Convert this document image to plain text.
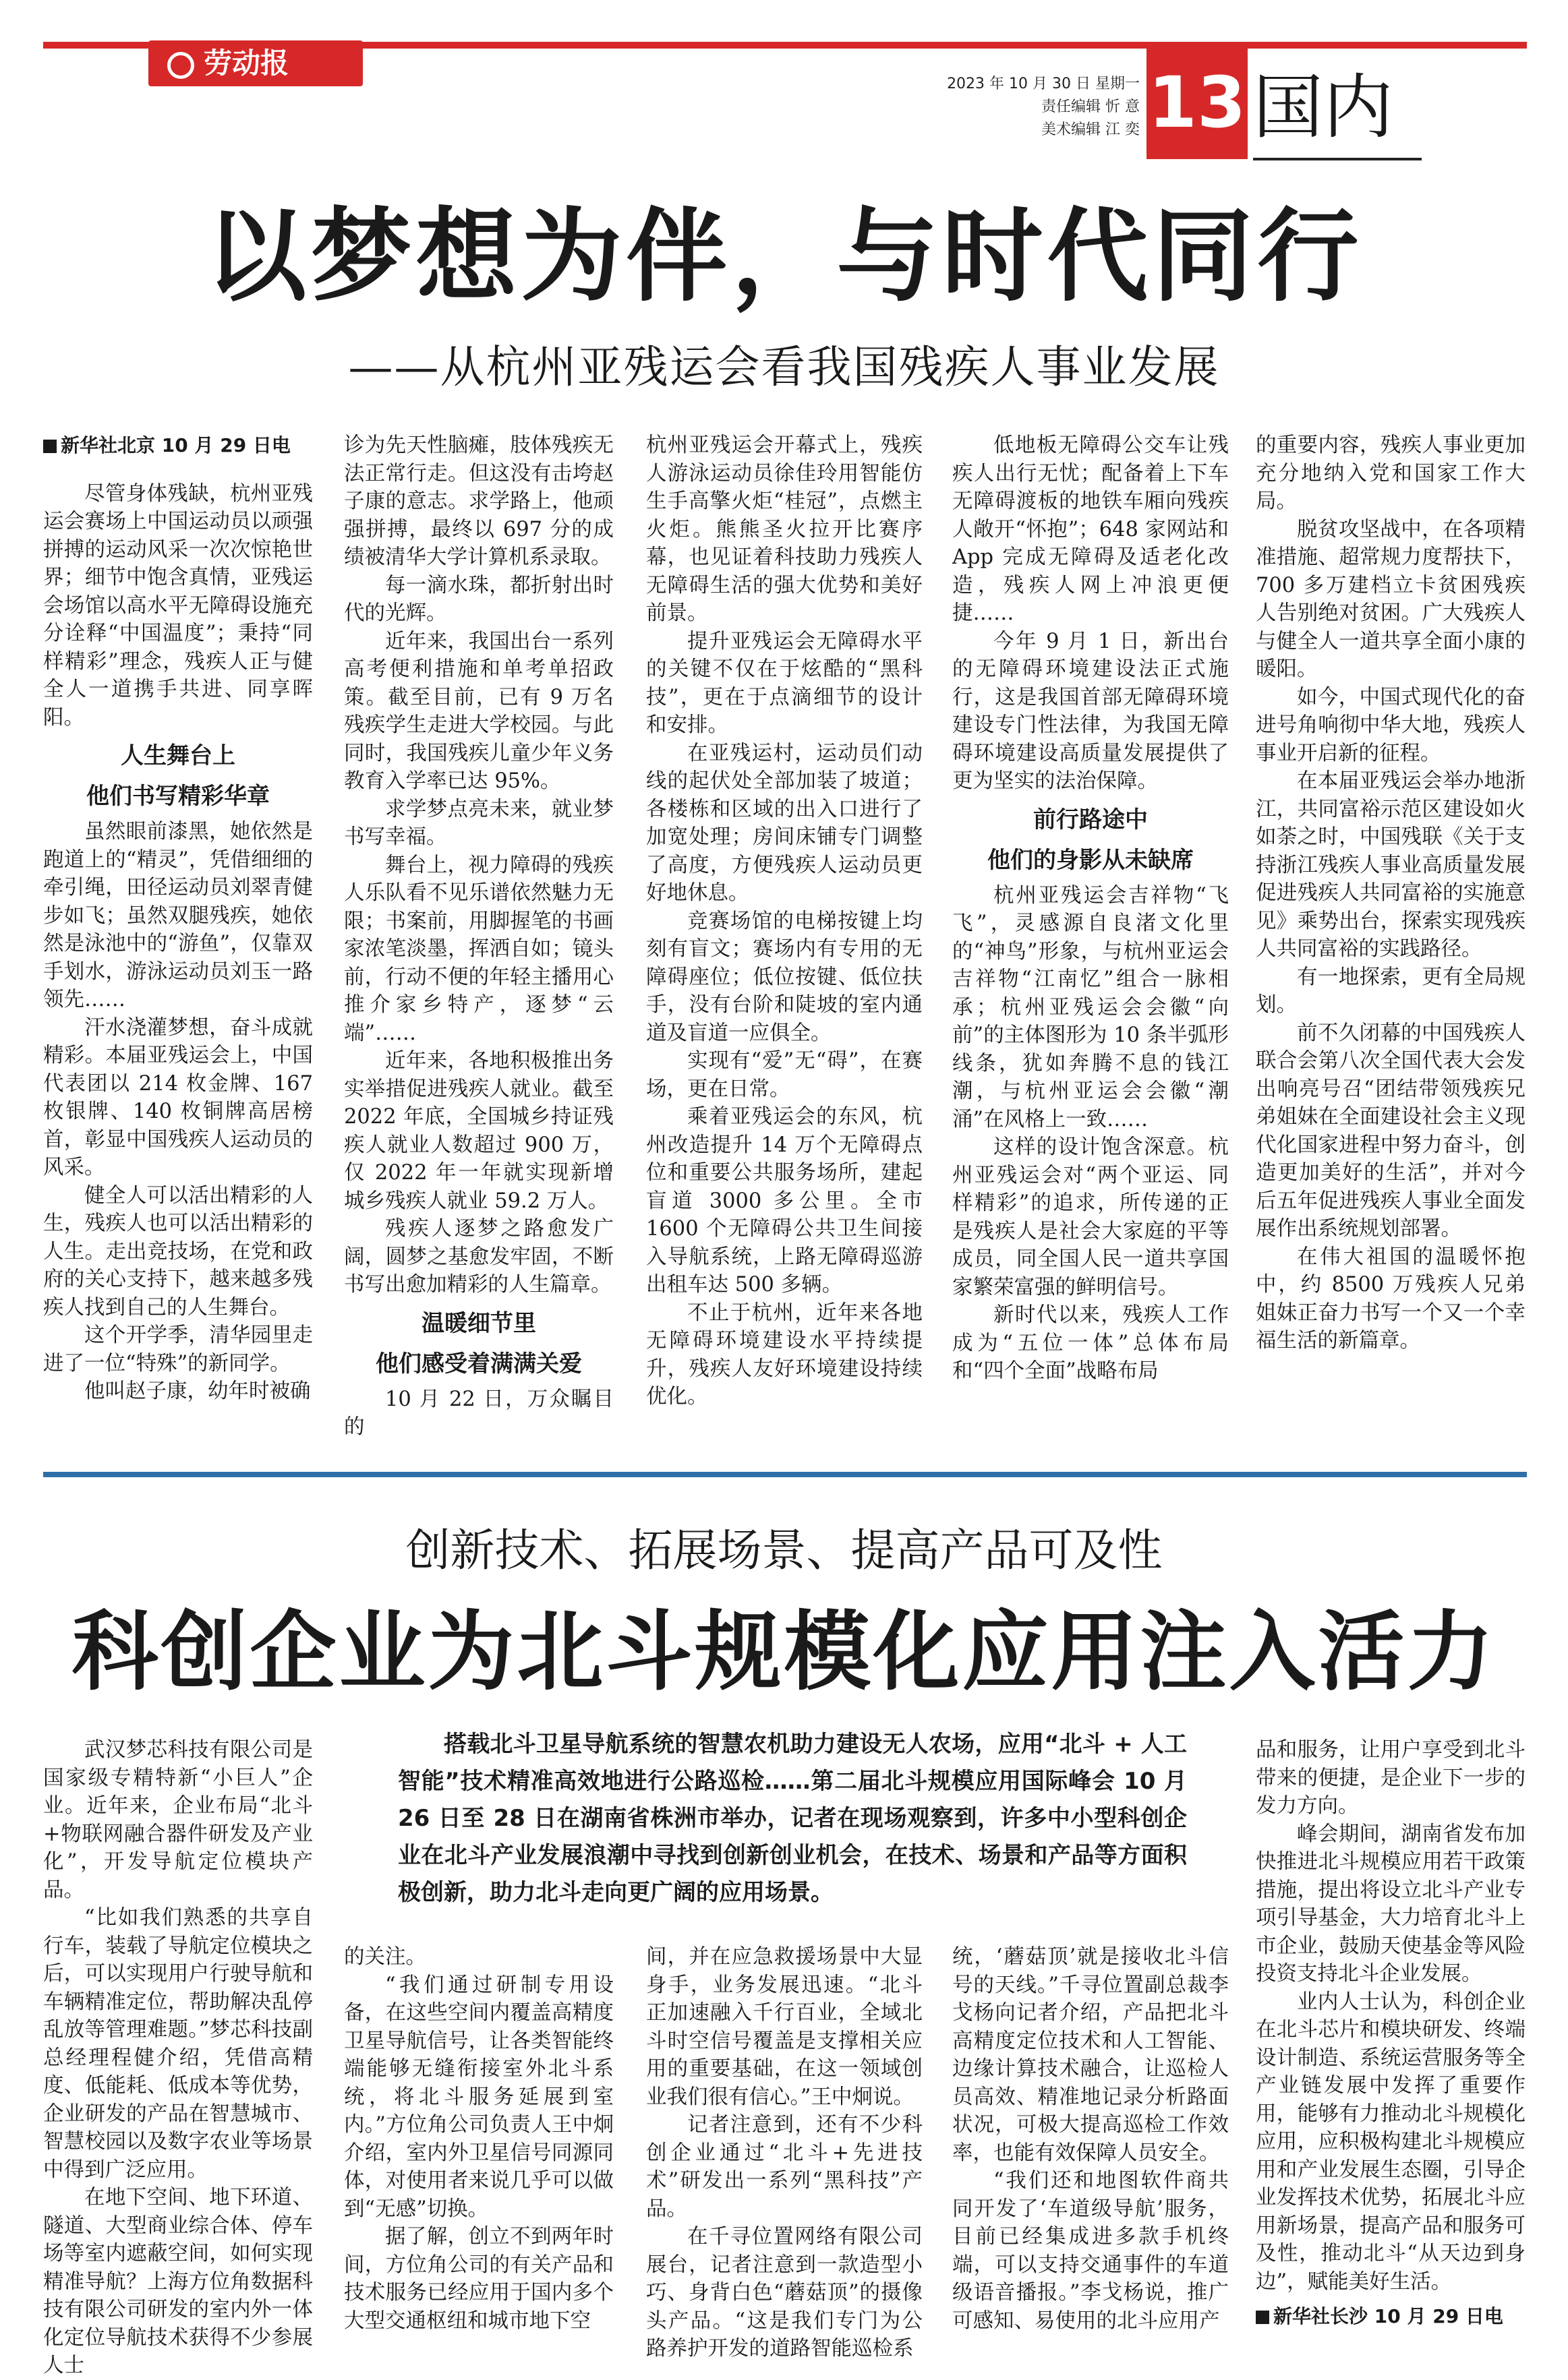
劳动报
2023 年 10 月 30 日 星期一
责任编辑 忻 意
美术编辑 江 奕 13 国内
以梦想为伴，与时代同行
——从杭州亚残运会看我国残疾人事业发展

新华社北京 10 月 29 日电

尽管身体残缺，杭州亚残运会赛场上中国运动员以顽强拼搏的运动风采一次次惊艳世界；细节中饱含真情，亚残运会场馆以高水平无障碍设施充分诠释“中国温度”；秉持“同样精彩”理念，残疾人正与健全人一道携手共进、同享晖阳。

人生舞台上
他们书写精彩华章

虽然眼前漆黑，她依然是跑道上的“精灵”，凭借细细的牵引绳，田径运动员刘翠青健步如飞；虽然双腿残疾，她依然是泳池中的“游鱼”，仅靠双手划水，游泳运动员刘玉一路领先……

汗水浇灌梦想，奋斗成就精彩。本届亚残运会上，中国代表团以 214 枚金牌、167 枚银牌、140 枚铜牌高居榜首，彰显中国残疾人运动员的风采。

健全人可以活出精彩的人生，残疾人也可以活出精彩的人生。走出竞技场，在党和政府的关心支持下，越来越多残疾人找到自己的人生舞台。

这个开学季，清华园里走进了一位“特殊”的新同学。

他叫赵子康，幼年时被确

诊为先天性脑瘫，肢体残疾无法正常行走。但这没有击垮赵子康的意志。求学路上，他顽强拼搏，最终以 697 分的成绩被清华大学计算机系录取。

每一滴水珠，都折射出时代的光辉。

近年来，我国出台一系列高考便利措施和单考单招政策。截至目前，已有 9 万名残疾学生走进大学校园。与此同时，我国残疾儿童少年义务教育入学率已达 95%。

求学梦点亮未来，就业梦书写幸福。

舞台上，视力障碍的残疾人乐队看不见乐谱依然魅力无限；书案前，用脚握笔的书画家浓笔淡墨，挥洒自如；镜头前，行动不便的年轻主播用心推介家乡特产，逐梦“云端”……

近年来，各地积极推出务实举措促进残疾人就业。截至 2022 年底，全国城乡持证残疾人就业人数超过 900 万，仅 2022 年一年就实现新增城乡残疾人就业 59.2 万人。

残疾人逐梦之路愈发广阔，圆梦之基愈发牢固，不断书写出愈加精彩的人生篇章。

温暖细节里
他们感受着满满关爱

10 月 22 日，万众瞩目的

杭州亚残运会开幕式上，残疾人游泳运动员徐佳玲用智能仿生手高擎火炬“桂冠”，点燃主火炬。熊熊圣火拉开比赛序幕，也见证着科技助力残疾人无障碍生活的强大优势和美好前景。

提升亚残运会无障碍水平的关键不仅在于炫酷的“黑科技”，更在于点滴细节的设计和安排。

在亚残运村，运动员们动线的起伏处全部加装了坡道；各楼栋和区域的出入口进行了加宽处理；房间床铺专门调整了高度，方便残疾人运动员更好地休息。

竞赛场馆的电梯按键上均刻有盲文；赛场内有专用的无障碍座位；低位按键、低位扶手，没有台阶和陡坡的室内通道及盲道一应俱全。

实现有“爱”无“碍”，在赛场，更在日常。

乘着亚残运会的东风，杭州改造提升 14 万个无障碍点位和重要公共服务场所，建起盲道 3000 多公里。全市 1600 个无障碍公共卫生间接入导航系统，上路无障碍巡游出租车达 500 多辆。

不止于杭州，近年来各地无障碍环境建设水平持续提升，残疾人友好环境建设持续优化。

低地板无障碍公交车让残疾人出行无忧；配备着上下车无障碍渡板的地铁车厢向残疾人敞开“怀抱”；648 家网站和 App 完成无障碍及适老化改造，残疾人网上冲浪更便捷……

今年 9 月 1 日，新出台的无障碍环境建设法正式施行，这是我国首部无障碍环境建设专门性法律，为我国无障碍环境建设高质量发展提供了更为坚实的法治保障。

前行路途中
他们的身影从未缺席

杭州亚残运会吉祥物“飞飞”，灵感源自良渚文化里的“神鸟”形象，与杭州亚运会吉祥物“江南忆”组合一脉相承；杭州亚残运会会徽“向前”的主体图形为 10 条半弧形线条，犹如奔腾不息的钱江潮，与杭州亚运会会徽“潮涌”在风格上一致……

这样的设计饱含深意。杭州亚残运会对“两个亚运、同样精彩”的追求，所传递的正是残疾人是社会大家庭的平等成员，同全国人民一道共享国家繁荣富强的鲜明信号。

新时代以来，残疾人工作成为“五位一体”总体布局和“四个全面”战略布局

的重要内容，残疾人事业更加充分地纳入党和国家工作大局。

脱贫攻坚战中，在各项精准措施、超常规力度帮扶下，700 多万建档立卡贫困残疾人告别绝对贫困。广大残疾人与健全人一道共享全面小康的暖阳。

如今，中国式现代化的奋进号角响彻中华大地，残疾人事业开启新的征程。

在本届亚残运会举办地浙江，共同富裕示范区建设如火如荼之时，中国残联《关于支持浙江残疾人事业高质量发展促进残疾人共同富裕的实施意见》乘势出台，探索实现残疾人共同富裕的实践路径。

有一地探索，更有全局规划。

前不久闭幕的中国残疾人联合会第八次全国代表大会发出响亮号召“团结带领残疾兄弟姐妹在全面建设社会主义现代化国家进程中努力奋斗，创造更加美好的生活”，并对今后五年促进残疾人事业全面发展作出系统规划部署。

在伟大祖国的温暖怀抱中，约 8500 万残疾人兄弟姐妹正奋力书写一个又一个幸福生活的新篇章。

创新技术、拓展场景、提高产品可及性
科创企业为北斗规模化应用注入活力

搭载北斗卫星导航系统的智慧农机助力建设无人农场，应用“北斗 + 人工智能”技术精准高效地进行公路巡检……第二届北斗规模应用国际峰会 10 月 26 日至 28 日在湖南省株洲市举办，记者在现场观察到，许多中小型科创企业在北斗产业发展浪潮中寻找到创新创业机会，在技术、场景和产品等方面积极创新，助力北斗走向更广阔的应用场景。

武汉梦芯科技有限公司是国家级专精特新“小巨人”企业。近年来，企业布局“北斗+物联网融合器件研发及产业化”，开发导航定位模块产品。

“比如我们熟悉的共享自行车，装载了导航定位模块之后，可以实现用户行驶导航和车辆精准定位，帮助解决乱停乱放等管理难题。”梦芯科技副总经理程健介绍，凭借高精度、低能耗、低成本等优势，企业研发的产品在智慧城市、智慧校园以及数字农业等场景中得到广泛应用。

在地下空间、地下环道、隧道、大型商业综合体、停车场等室内遮蔽空间，如何实现精准导航？上海方位角数据科技有限公司研发的室内外一体化定位导航技术获得不少参展人士

的关注。

“我们通过研制专用设备，在这些空间内覆盖高精度卫星导航信号，让各类智能终端能够无缝衔接室外北斗系统，将北斗服务延展到室内。”方位角公司负责人王中炯介绍，室内外卫星信号同源同体，对使用者来说几乎可以做到“无感”切换。

据了解，创立不到两年时间，方位角公司的有关产品和技术服务已经应用于国内多个大型交通枢纽和城市地下空

间，并在应急救援场景中大显身手，业务发展迅速。“北斗正加速融入千行百业，全域北斗时空信号覆盖是支撑相关应用的重要基础，在这一领域创业我们很有信心。”王中炯说。

记者注意到，还有不少科创企业通过“北斗+先进技术”研发出一系列“黑科技”产品。

在千寻位置网络有限公司展台，记者注意到一款造型小巧、身背白色“蘑菇顶”的摄像头产品。“这是我们专门为公路养护开发的道路智能巡检系

统，‘蘑菇顶’就是接收北斗信号的天线。”千寻位置副总裁李戈杨向记者介绍，产品把北斗高精度定位技术和人工智能、边缘计算技术融合，让巡检人员高效、精准地记录分析路面状况，可极大提高巡检工作效率，也能有效保障人员安全。

“我们还和地图软件商共同开发了‘车道级导航’服务，目前已经集成进多款手机终端，可以支持交通事件的车道级语音播报。”李戈杨说，推广可感知、易使用的北斗应用产

品和服务，让用户享受到北斗带来的便捷，是企业下一步的发力方向。

峰会期间，湖南省发布加快推进北斗规模应用若干政策措施，提出将设立北斗产业专项引导基金，大力培育北斗上市企业，鼓励天使基金等风险投资支持北斗企业发展。

业内人士认为，科创企业在北斗芯片和模块研发、终端设计制造、系统运营服务等全产业链发展中发挥了重要作用，能够有力推动北斗规模化应用，应积极构建北斗规模应用和产业发展生态圈，引导企业发挥技术优势，拓展北斗应用新场景，提高产品和服务可及性，推动北斗“从天边到身边”，赋能美好生活。

新华社长沙 10 月 29 日电
